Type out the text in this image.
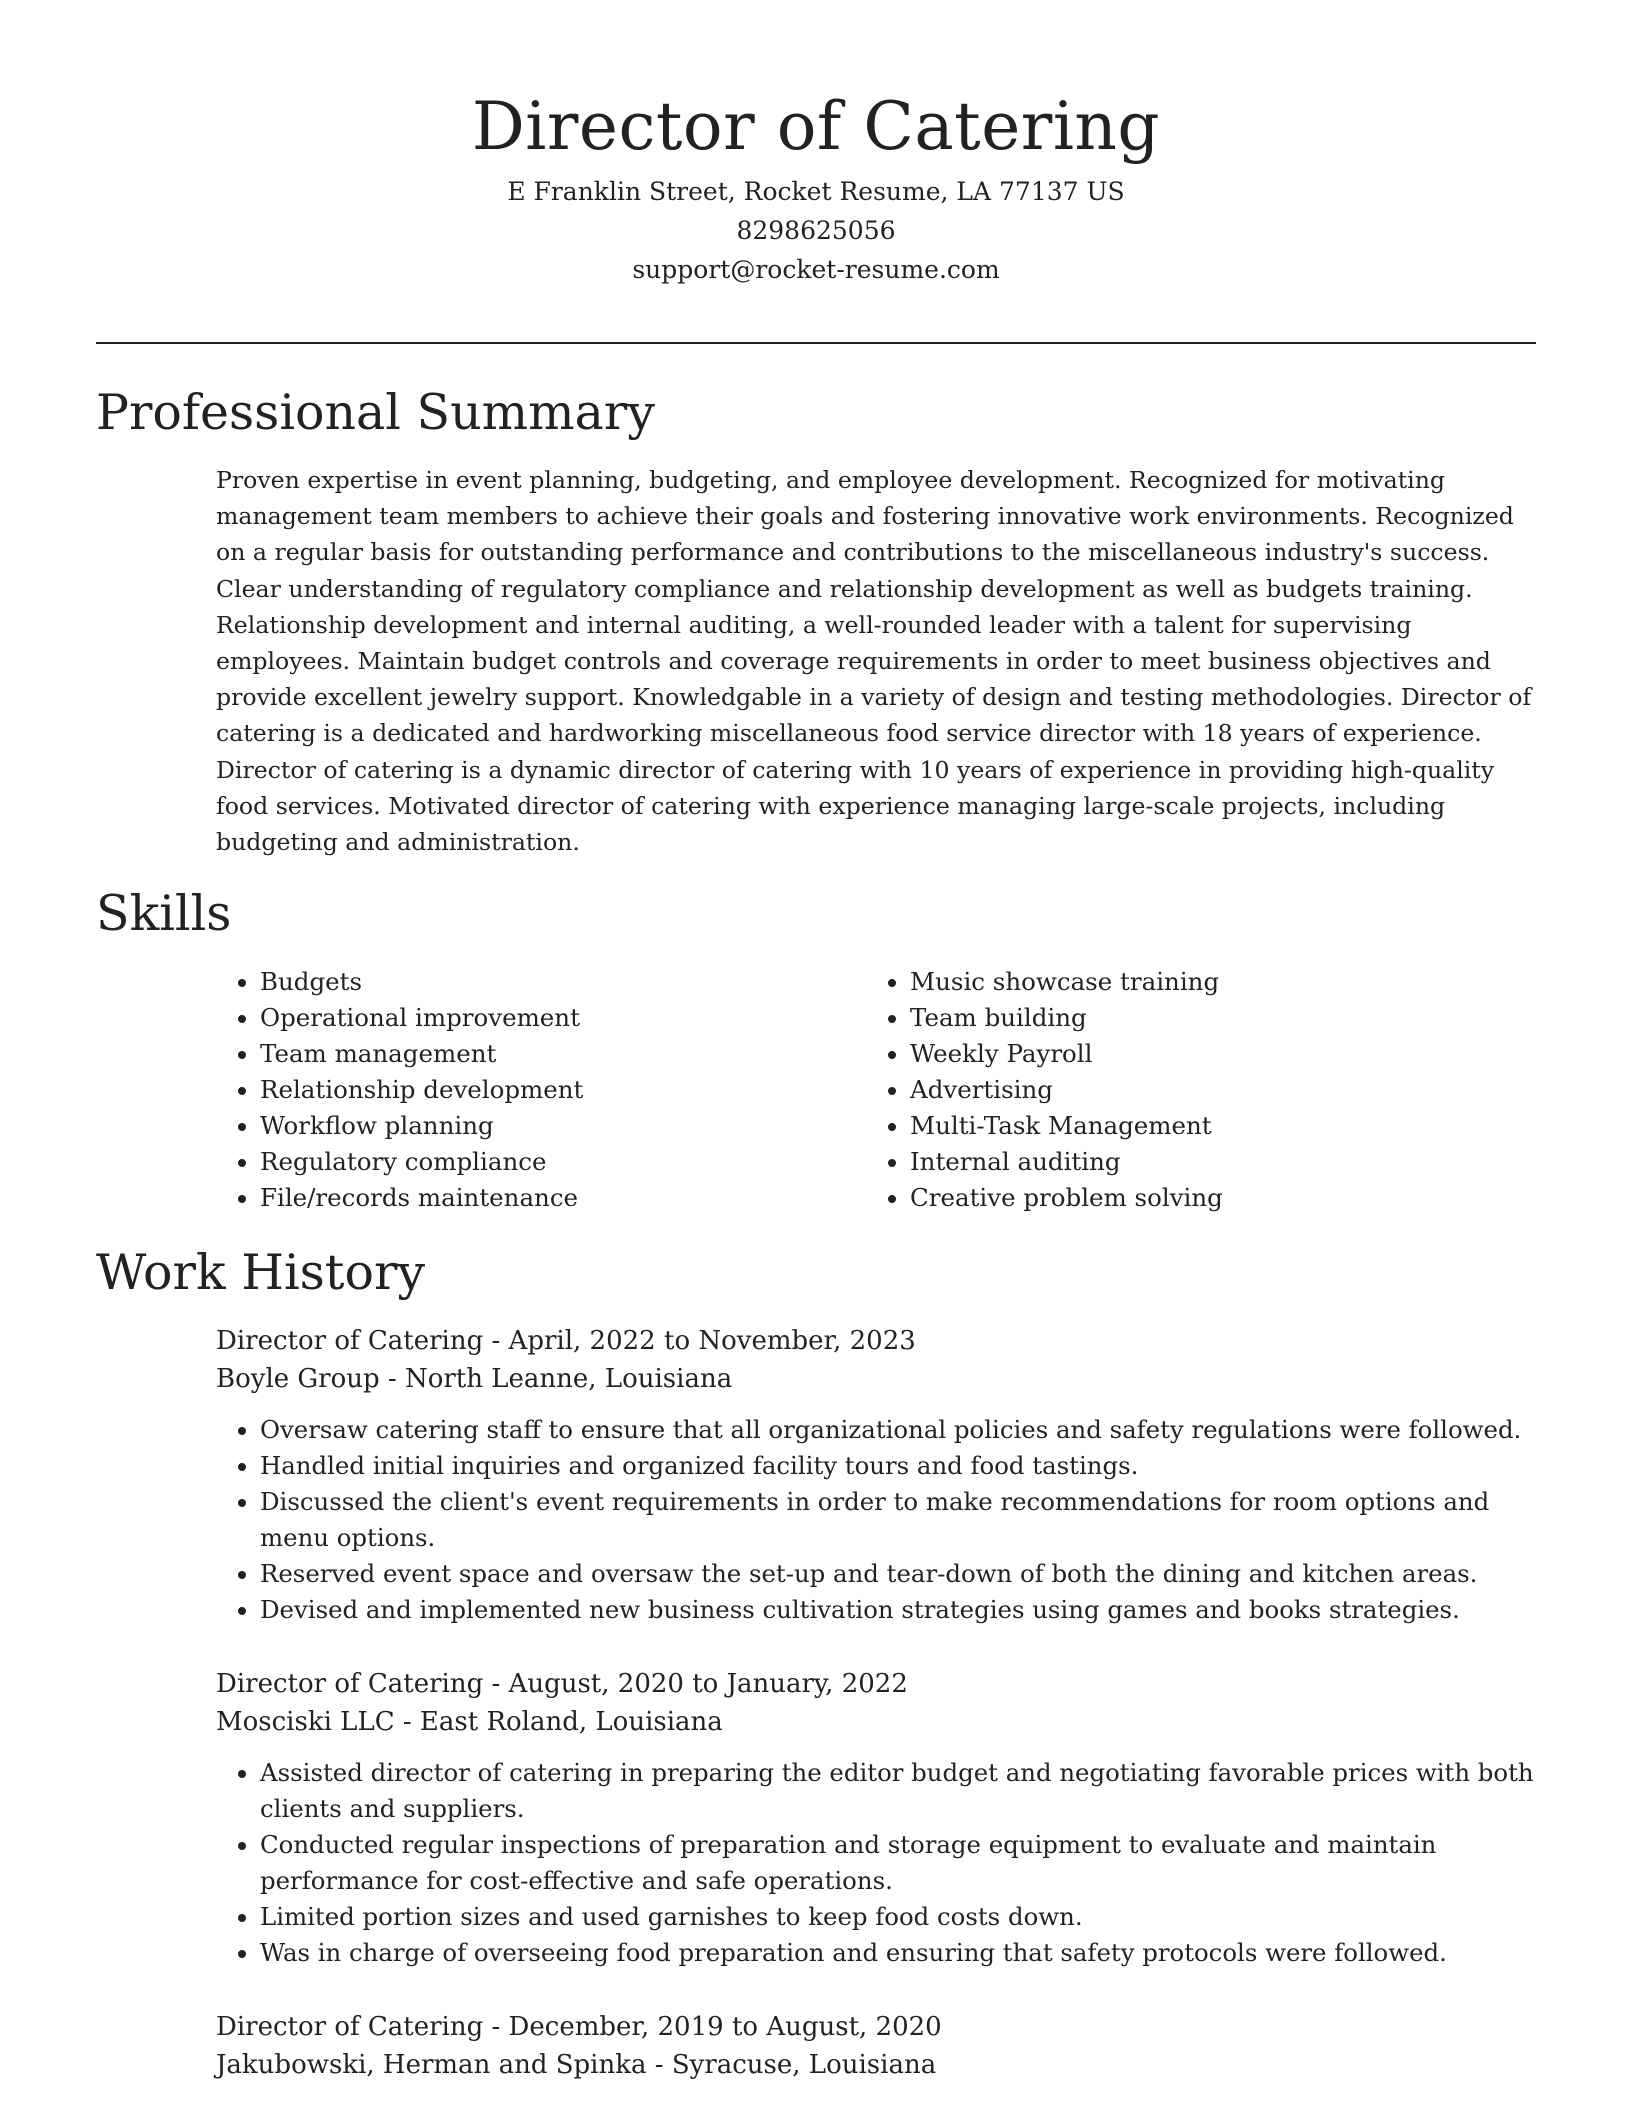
Director of Catering

E Franklin Street, Rocket Resume, LA 77137 US

8298625056

support@rocket-resume.com

Professional Summary

Proven expertise in event planning, budgeting, and employee development. Recognized for motivating management team members to achieve their goals and fostering innovative work environments. Recognized on a regular basis for outstanding performance and contributions to the miscellaneous industry's success. Clear understanding of regulatory compliance and relationship development as well as budgets training. Relationship development and internal auditing, a well-rounded leader with a talent for supervising employees. Maintain budget controls and coverage requirements in order to meet business objectives and provide excellent jewelry support. Knowledgable in a variety of design and testing methodologies. Director of catering is a dedicated and hardworking miscellaneous food service director with 18 years of experience. Director of catering is a dynamic director of catering with 10 years of experience in providing high-quality food services. Motivated director of catering with experience managing large-scale projects, including budgeting and administration.

Skills
• Budgets
• Operational improvement
• Team management
• Relationship development
• Workflow planning
• Regulatory compliance
• File/records maintenance
• Music showcase training
• Team building
• Weekly Payroll
• Advertising
• Multi-Task Management
• Internal auditing
• Creative problem solving
Work History

Director of Catering - April, 2022 to November, 2023

Boyle Group - North Leanne, Louisiana

• Oversaw catering staff to ensure that all organizational policies and safety regulations were followed.
• Handled initial inquiries and organized facility tours and food tastings.
• Discussed the client's event requirements in order to make recommendations for room options and menu options.
• Reserved event space and oversaw the set-up and tear-down of both the dining and kitchen areas.
• Devised and implemented new business cultivation strategies using games and books strategies.

Director of Catering - August, 2020 to January, 2022

Mosciski LLC - East Roland, Louisiana

• Assisted director of catering in preparing the editor budget and negotiating favorable prices with both clients and suppliers.
• Conducted regular inspections of preparation and storage equipment to evaluate and maintain performance for cost-effective and safe operations.
• Limited portion sizes and used garnishes to keep food costs down.
• Was in charge of overseeing food preparation and ensuring that safety protocols were followed.

Director of Catering - December, 2019 to August, 2020

Jakubowski, Herman and Spinka - Syracuse, Louisiana
